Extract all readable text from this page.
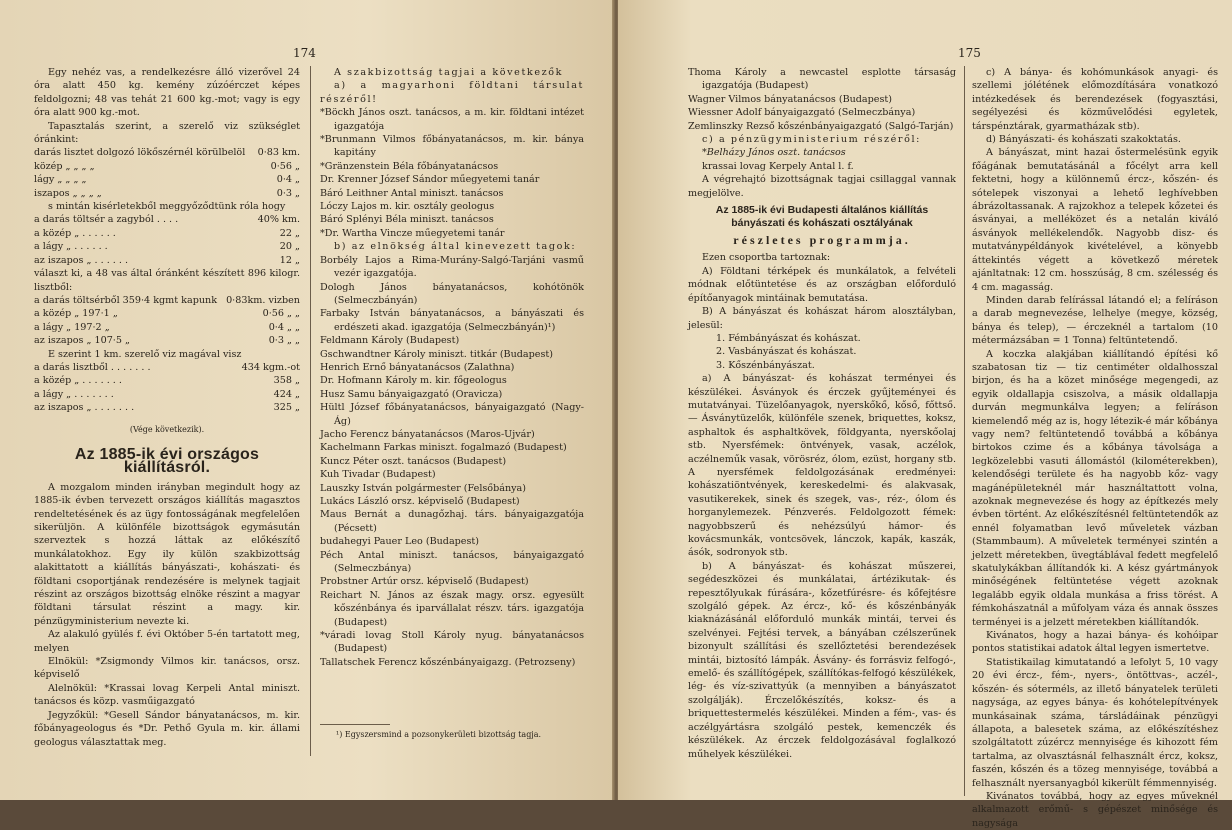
174

Egy nehéz vas, a rendelkezésre álló vizerővel 24 óra alatt 450 kg. kemény zúzóérczet képes feldolgozni; 48 vas tehát 21 600 kg.-mot; vagy is egy óra alatt 900 kg.-mot.

Tapasztalás szerint, a szerelő viz szükséglet óránkint:

darás lisztet dolgozó lökőszérnél körülbelöl	0·83 km.
közép „ „ „ „	0·56 „
lágy „ „ „ „	0·4 „
iszapos „ „ „ „	0·3 „

s mintán kisérletekből meggyőződtünk róla hogy

a darás töltsér a zagyból . . . .	40% km.
a közép „ . . . . . .	22 „
a lágy „ . . . . . .	20 „
az iszapos „ . . . . . .	12 „

választ ki, a 48 vas által óránként készített 896 kilogr. lisztből:

a darás töltsérből 359·4 kgmt kapunk	0·83km. vizben
a közép „ 197·1 „	0·56 „ „
a lágy „ 197·2 „	0·4 „ „
az iszapos „ 107·5 „	0·3 „ „

E szerint 1 km. szerelő viz magával visz

a darás lisztből . . . . . . .	434 kgm.-ot
a közép „ . . . . . . .	358 „
a lágy „ . . . . . . .	424 „
az iszapos „ . . . . . . .	325 „

(Vége következik).

Az 1885-ik évi országos kiállításról.

A mozgalom minden irányban megindult hogy az 1885-ik évben tervezett országos kiállítás magasztos rendeltetésének és az ügy fontosságának megfelelően sikerüljön. A különféle bizottságok egymásután szerveztek s hozzá láttak az előkészítő munkálatokhoz. Egy ily külön szakbizottság alakittatott a kiállítás bányászati-, kohászati- és földtani csoportjának rendezésére is melynek tagjait részint az országos bizottság elnöke részint a magyar földtani társulat részint a magy. kir. pénzügyministerium nevezte ki.

Az alakuló gyülés f. évi Október 5-én tartatott meg, melyen

Elnökül: *Zsigmondy Vilmos kir. tanácsos, orsz. képviselő

Alelnökül: *Krassai lovag Kerpeli Antal miniszt. tanácsos és közp. vasműigazgató

Jegyzőkül: *Gesell Sándor bányatanácsos, m. kir. főbányageologus és *Dr. Pethő Gyula m. kir. állami geologus választattak meg.

A szakbizottság tagjai a következők

a) a magyarhoni földtani társulat részéről!

*Böckh János oszt. tanácsos, a m. kir. földtani intézet igazgatója

*Brunmann Vilmos főbányatanácsos, m. kir. bánya kapitány

*Gränzenstein Béla főbányatanácsos

Dr. Krenner József Sándor műegyetemi tanár

Báró Leithner Antal miniszt. tanácsos

Lóczy Lajos m. kir. osztály geologus

Báró Splényi Béla miniszt. tanácsos

*Dr. Wartha Vincze műegyetemi tanár

b) az elnökség által kinevezett tagok:

Borbély Lajos a Rima-Murány-Salgó-Tarjáni vasmű vezér igazgatója.

Dologh János bányatanácsos, kohótönök (Selmeczbányán)

Farbaky István bányatanácsos, a bányászati és erdészeti akad. igazgatója (Selmeczbányán)¹)

Feldmann Károly (Budapest)

Gschwandtner Károly miniszt. titkár (Budapest)

Henrich Ernő bányatanácsos (Zalathna)

Dr. Hofmann Károly m. kir. főgeologus

Husz Samu bányaigazgató (Oravicza)

Hültl József főbányatanácsos, bányaigazgató (Nagy-Ág)

Jacho Ferencz bányatanácsos (Maros-Ujvár)

Kachelmann Farkas miniszt. fogalmazó (Budapest)

Kuncz Péter oszt. tanácsos (Budapest)

Kuh Tivadar (Budapest)

Lauszky István polgármester (Felsőbánya)

Lukács László orsz. képviselő (Budapest)

Maus Bernát a dunagőzhaj. társ. bányaigazgatója (Pécsett)

budahegyi Pauer Leo (Budapest)

Péch Antal miniszt. tanácsos, bányaigazgató (Selmeczbánya)

Probstner Artúr orsz. képviselő (Budapest)

Reichart N. János az észak magy. orsz. egyesült kőszénbánya és iparvállalat részv. társ. igazgatója (Budapest)

*váradi lovag Stoll Károly nyug. bányatanácsos (Budapest)

Tallatschek Ferencz kőszénbányaigazg. (Petrozseny)

¹) Egyszersmind a pozsonykerületi bizottság tagja.
175

Thoma Károly a newcastel esplotte társaság igazgatója (Budapest)

Wagner Vilmos bányatanácsos (Budapest)

Wiessner Adolf bányaigazgató (Selmeczbánya)

Zemlinszky Rezső kőszénbányaigazgató (Salgó-Tarján)

c) a pénzügyministerium részéről:

*Belházy János oszt. tanácsos

krassai lovag Kerpely Antal l. f.

A végrehajtó bizottságnak tagjai csillaggal vannak megjelölve.

Az 1885-ik évi Budapesti általános kiállítás bányászati és kohászati osztályának
részletes programmja.

Ezen csoportba tartoznak:

A) Földtani térképek és munkálatok, a felvételi módnak előtüntetése és az országban előforduló építőanyagok mintáinak bemutatása.

B) A bányászat és kohászat három alosztályban, jelesül:

1. Fémbányászat és kohászat.

2. Vasbányászat és kohászat.

3. Kőszénbányászat.

a) A bányászat- és kohászat terményei és készülékei. Ásványok és érczek gyűjteményei és mutatványai. Tüzelőanyagok, nyerskőkő, kőső, főttső. — Ásványtüzelők, különféle szenek, briquettes, koksz, asphaltok és asphaltkövek, földgyanta, nyerskőolaj stb. Nyersfémek: öntvények, vasak, aczélok, aczélneműk vasak, vörösréz, ólom, ezüst, horgany stb. A nyersfémek feldolgozásának eredményei: kohászatiöntvények, kereskedelmi- és alakvasak, vasutikerekek, sinek és szegek, vas-, réz-, ólom és horganylemezek. Pénzverés. Feldolgozott fémek: nagyobbszerű és nehézsúlyú hámor- és kovácsmunkák, vontcsövek, lánczok, kapák, kaszák, ásók, sodronyok stb.

b) A bányászat- és kohászat műszerei, segédeszközei és munkálatai, ártézikutak- és repesztőlyukak fúrására-, kőzetfúrésre- és kőfejtésre szolgáló gépek. Az ércz-, kő- és kőszénbányák kiaknázásánál előforduló munkák mintái, tervei és szelvényei. Fejtési tervek, a bányában czélszerűnek bizonyult szállítási és szellőztetési berendezések mintái, biztosító lámpák. Ásvány- és forrásviz felfogó-, emelő- és szállítógépek, szállítókas-felfogó készülékek, lég- és víz-szivattyúk (a mennyiben a bányászatot szolgálják). Érczelőkészítés, koksz- és a briquettestermelés készülékei. Minden a fém-, vas- és aczélgyártásra szolgáló pestek, kemenczék és készülékek. Az érczek feldolgozásával foglalkozó műhelyek készülékei.

c) A bánya- és kohómunkások anyagi- és szellemi jólétének előmozdítására vonatkozó intézkedések és berendezések (fogyasztási, segélyezési és közművelődési egyletek, társpénztárak, gyarmatházak stb).

d) Bányászati- és kohászati szakoktatás.

A bányászat, mint hazai őstermelésünk egyik főágának bemutatásánál a főcélyt arra kell fektetni, hogy a különnemű ércz-, kőszén- és sótelepek viszonyai a lehető leghívebben ábrázoltassanak. A rajzokhoz a telepek kőzetei és ásványai, a melléközet és a netalán kiváló ásványok mellékelendők. Nagyobb disz- és mutatványpéldányok kivételével, a könyebb áttekintés végett a következő méretek ajánltatnak: 12 cm. hosszúság, 8 cm. szélesség és 4 cm. magasság.

Minden darab felírással látandó el; a felíráson a darab megnevezése, lelhelye (megye, község, bánya és telep), — érczeknél a tartalom (10 métermázsában = 1 Tonna) feltüntetendő.

A koczka alakjában kiállítandó építési kő szabatosan tiz — tiz centiméter oldalhosszal birjon, és ha a közet minősége megengedi, az egyik oldallapja csiszolva, a másik oldallapja durván megmunkálva legyen; a felíráson kiemelendő még az is, hogy létezik-é már kőbánya vagy nem? feltüntetendő továbbá a kőbánya birtokos czime és a kőbánya távolsága a legközelebbi vasuti állomástól (kilométerekben), kelendőségi területe és ha nagyobb kőz- vagy magánépületeknél már használtattott volna, azoknak megnevezése és hogy az építkezés mely évben történt. Az előkészítésnél feltüntetendők az ennél folyamatban levő műveletek vázban (Stammbaum). A műveletek terményei szintén a jelzett méretekben, üvegtáblával fedett megfelelő skatulykákban állítandók ki. A kész gyártmányok minőségének feltüntetése végett azoknak legalább egyik oldala munkása a friss törést. A fémkohászatnál a műfolyam váza és annak összes terményei is a jelzett méretekben kiállítandók.

Kivánatos, hogy a hazai bánya- és kohóipar pontos statistikai adatok által legyen ismertetve.

Statistikailag kimutatandó a lefolyt 5, 10 vagy 20 évi ércz-, fém-, nyers-, öntöttvas-, aczél-, kőszén- és sóterméls, az illető bányatelek területi nagysága, az egyes bánya- és kohótelepítvények munkásainak száma, társládáinak pénzügyi állapota, a balesetek száma, az előkészítéshez szolgáltatott zúzércz mennyisége és kihozott fém tartalma, az olvasztásnál felhasznált ércz, koksz, faszén, kőszén és a tözeg mennyisége, továbbá a felhasznált nyersanyagból kikerült fémmennyiség.

Kivánatos továbbá, hogy az egyes műveknél alkalmazott erőmű- s gépészet minősége és nagysága
